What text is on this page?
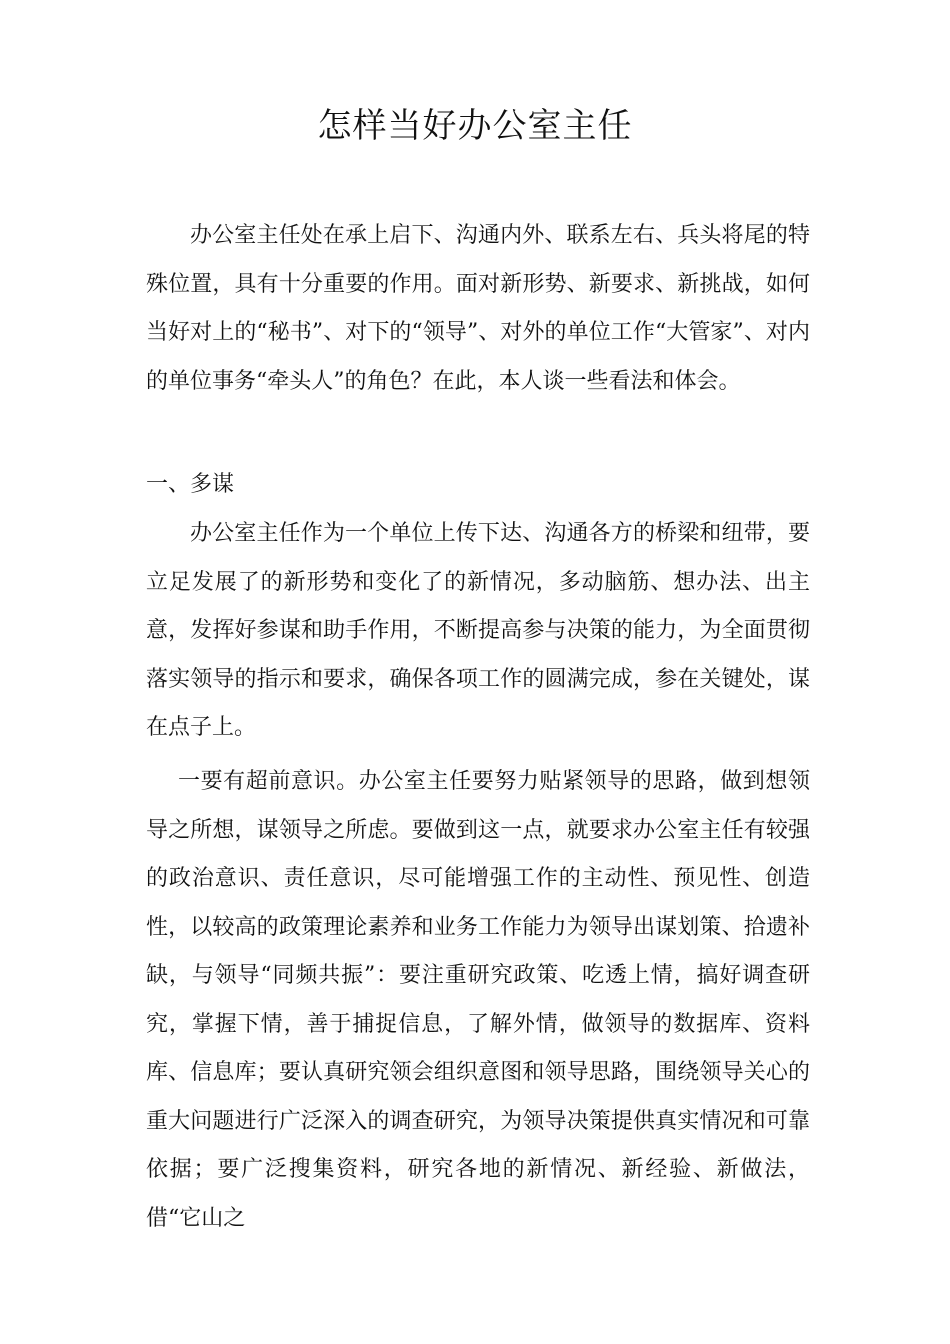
怎样当好办公室主任

办公室主任处在承上启下、沟通内外、联系左右、兵头将尾的特殊位置，具有十分重要的作用。面对新形势、新要求、新挑战，如何当好对上的“秘书”、对下的“领导”、对外的单位工作“大管家”、对内的单位事务“牵头人”的角色？在此，本人谈一些看法和体会。

一、多谋

办公室主任作为一个单位上传下达、沟通各方的桥梁和纽带，要立足发展了的新形势和变化了的新情况，多动脑筋、想办法、出主意，发挥好参谋和助手作用，不断提高参与决策的能力，为全面贯彻落实领导的指示和要求，确保各项工作的圆满完成，参在关键处，谋在点子上。

一要有超前意识。办公室主任要努力贴紧领导的思路，做到想领导之所想，谋领导之所虑。要做到这一点，就要求办公室主任有较强的政治意识、责任意识，尽可能增强工作的主动性、预见性、创造性，以较高的政策理论素养和业务工作能力为领导出谋划策、拾遗补缺，与领导“同频共振”：要注重研究政策、吃透上情，搞好调查研究，掌握下情，善于捕捉信息，了解外情，做领导的数据库、资料库、信息库；要认真研究领会组织意图和领导思路，围绕领导关心的重大问题进行广泛深入的调查研究，为领导决策提供真实情况和可靠依据；要广泛搜集资料，研究各地的新情况、新经验、新做法，借“它山之
